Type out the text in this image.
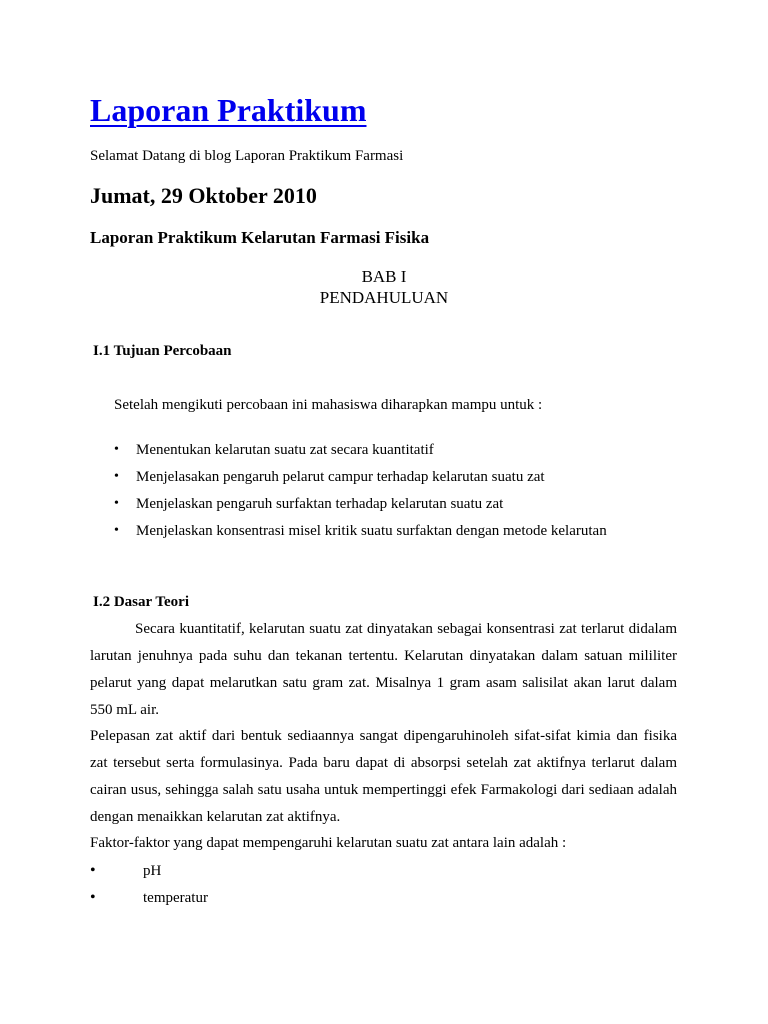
Laporan Praktikum

Selamat Datang di blog Laporan Praktikum Farmasi

Jumat, 29 Oktober 2010
Laporan Praktikum Kelarutan Farmasi Fisika
BAB I
PENDAHULUAN
I.1 Tujuan Percobaan

Setelah mengikuti percobaan ini mahasiswa diharapkan mampu untuk :

• Menentukan kelarutan suatu zat secara kuantitatif
• Menjelasakan pengaruh pelarut campur terhadap kelarutan suatu zat
• Menjelaskan pengaruh surfaktan terhadap kelarutan suatu zat
• Menjelaskan konsentrasi misel kritik suatu surfaktan dengan metode kelarutan
I.2 Dasar Teori

Secara kuantitatif, kelarutan suatu zat dinyatakan sebagai konsentrasi zat terlarut didalam larutan jenuhnya pada suhu dan tekanan tertentu. Kelarutan dinyatakan dalam satuan mililiter pelarut yang dapat melarutkan satu gram zat. Misalnya 1 gram asam salisilat akan larut dalam 550 mL air.

Pelepasan zat aktif dari bentuk sediaannya sangat dipengaruhinoleh sifat-sifat kimia dan fisika zat tersebut serta formulasinya. Pada baru dapat di absorpsi setelah zat aktifnya terlarut dalam cairan usus, sehingga salah satu usaha untuk mempertinggi efek Farmakologi dari sediaan adalah dengan menaikkan kelarutan zat aktifnya.

Faktor-faktor yang dapat mempengaruhi kelarutan suatu zat antara lain adalah :

•	pH
•	temperatur
